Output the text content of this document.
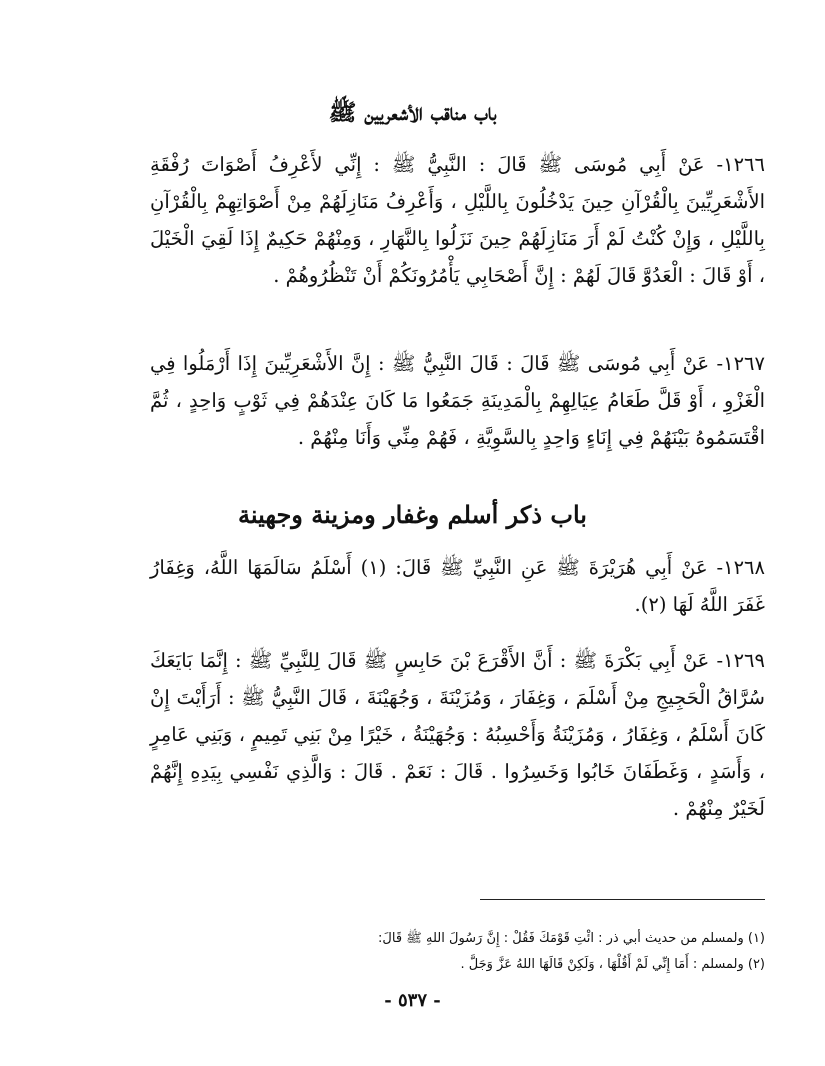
باب مناقب الأشعريين ﷺ
١٢٦٦- عَنْ أَبِي مُوسَى ﷺ قَالَ : النَّبِيُّ ﷺ : إِنِّي لأَعْرِفُ أَصْوَاتَ رُفْقَةِ الأَشْعَرِيِّينَ بِالْقُرْآنِ حِينَ يَدْخُلُونَ بِاللَّيْلِ ، وَأَعْرِفُ مَنَازِلَهُمْ مِنْ أَصْوَاتِهِمْ بِالْقُرْآنِ بِاللَّيْلِ ، وَإِنْ كُنْتُ لَمْ أَرَ مَنَازِلَهُمْ حِينَ نَزَلُوا بِالنَّهَارِ ، وَمِنْهُمْ حَكِيمٌ إِذَا لَقِيَ الْخَيْلَ ، أَوْ قَالَ : الْعَدُوَّ قَالَ لَهُمْ : إِنَّ أَصْحَابِي يَأْمُرُونَكُمْ أَنْ تَنْظُرُوهُمْ .
١٢٦٧- عَنْ أَبِي مُوسَى ﷺ قَالَ : قَالَ النَّبِيُّ ﷺ : إِنَّ الأَشْعَرِيِّينَ إِذَا أَرْمَلُوا فِي الْغَزْوِ ، أَوْ قَلَّ طَعَامُ عِيَالِهِمْ بِالْمَدِينَةِ جَمَعُوا مَا كَانَ عِنْدَهُمْ فِي ثَوْبٍ وَاحِدٍ ، ثُمَّ اقْتَسَمُوهُ بَيْنَهُمْ فِي إِنَاءٍ وَاحِدٍ بِالسَّوِيَّةِ ، فَهُمْ مِنِّي وَأَنَا مِنْهُمْ .
باب ذكر أسلم وغفار ومزينة وجهينة
١٢٦٨- عَنْ أَبِي هُرَيْرَةَ ﷺ عَنِ النَّبِيِّ ﷺ قَالَ: (١) أَسْلَمُ سَالَمَهَا اللَّهُ، وَغِفَارُ غَفَرَ اللَّهُ لَهَا (٢).
١٢٦٩- عَنْ أَبِي بَكْرَةَ ﷺ : أَنَّ الأَقْرَعَ بْنَ حَابِسٍ ﷺ قَالَ لِلنَّبِيِّ ﷺ : إِنَّمَا بَايَعَكَ سُرَّاقُ الْحَجِيجِ مِنْ أَسْلَمَ ، وَغِفَارَ ، وَمُزَيْنَةَ ، وَجُهَيْنَةَ ، قَالَ النَّبِيُّ ﷺ : أَرَأَيْتَ إِنْ كَانَ أَسْلَمُ ، وَغِفَارُ ، وَمُزَيْنَةُ وَأَحْسِبُهُ : وَجُهَيْنَةُ ، خَيْرًا مِنْ بَنِي تَمِيمٍ ، وَبَنِي عَامِرٍ ، وَأَسَدٍ ، وَغَطَفَانَ خَابُوا وَخَسِرُوا . قَالَ : نَعَمْ . قَالَ : وَالَّذِي نَفْسِي بِيَدِهِ إِنَّهُمْ لَخَيْرٌ مِنْهُمْ .
(١) ولمسلم من حديث أبي ذر : ائْتِ قَوْمَكَ فَقُلْ : إِنَّ رَسُولَ اللهِ ﷺ قَالَ:
(٢) ولمسلم : أَمَا إِنِّي لَمْ أَقُلْهَا ، وَلَكِنْ قَالَهَا اللهُ عَزَّ وَجَلَّ .
- ٥٣٧ -
